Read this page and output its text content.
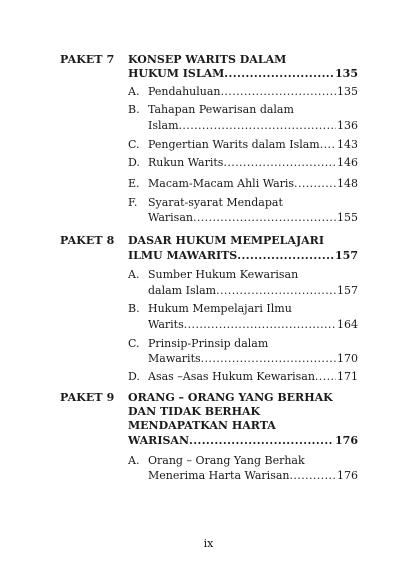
PAKET 7	KONSEP WARITS DALAM
HUKUM ISLAM .....	135
A. Pendahuluan .....	135
B. Tahapan Pewarisan dalam
Islam .....	136
C. Pengertian Warits dalam Islam ..... 143
D. Rukun Warits .....	146
E. Macam-Macam Ahli Waris .....	148
F. Syarat-syarat Mendapat
Warisan .....	155
PAKET 8	DASAR HUKUM MEMPELAJARI
ILMU MAWARITS .....	157
A. Sumber Hukum Kewarisan
dalam Islam .....	157
B. Hukum Mempelajari Ilmu
Warits .....	164
C. Prinsip-Prinsip dalam
Mawarits .....	170
D. Asas –Asas Hukum Kewarisan ..... 171
PAKET 9	ORANG – ORANG YANG BERHAK
DAN TIDAK BERHAK
MENDAPATKAN HARTA
WARISAN .....	176
A. Orang – Orang Yang Berhak
Menerima Harta Warisan .....	176
ix
